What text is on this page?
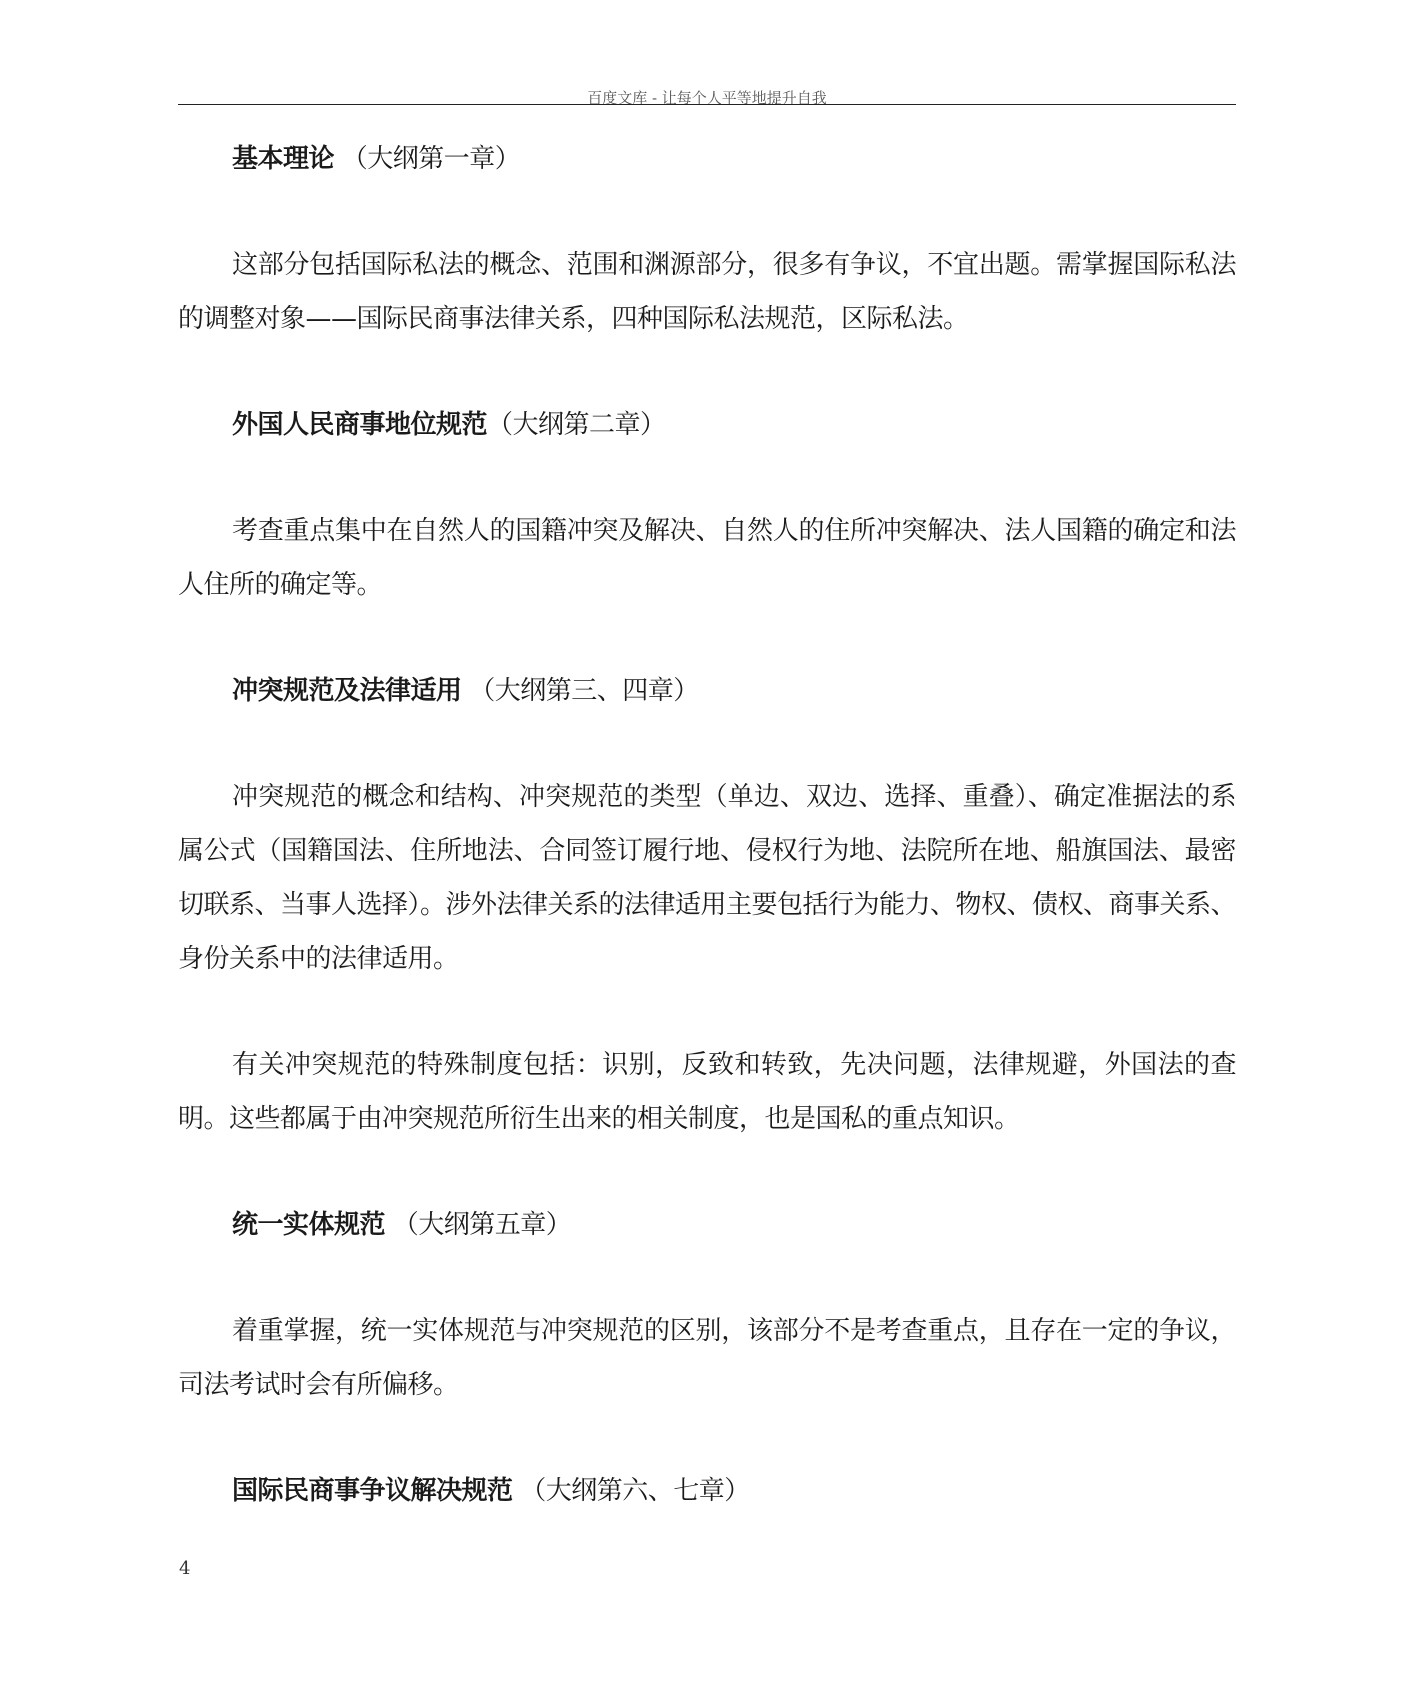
百度文库 - 让每个人平等地提升自我

基本理论 （大纲第一章）

这部分包括国际私法的概念、范围和渊源部分，很多有争议，不宜出题。需掌握国际私法的调整对象——国际民商事法律关系，四种国际私法规范，区际私法。

外国人民商事地位规范（大纲第二章）

考查重点集中在自然人的国籍冲突及解决、自然人的住所冲突解决、法人国籍的确定和法人住所的确定等。

冲突规范及法律适用 （大纲第三、四章）

冲突规范的概念和结构、冲突规范的类型（单边、双边、选择、重叠）、确定准据法的系属公式（国籍国法、住所地法、合同签订履行地、侵权行为地、法院所在地、船旗国法、最密切联系、当事人选择）。涉外法律关系的法律适用主要包括行为能力、物权、债权、商事关系、身份关系中的法律适用。

有关冲突规范的特殊制度包括：识别，反致和转致，先决问题，法律规避，外国法的查明。这些都属于由冲突规范所衍生出来的相关制度，也是国私的重点知识。

统一实体规范 （大纲第五章）

着重掌握，统一实体规范与冲突规范的区别，该部分不是考查重点，且存在一定的争议，司法考试时会有所偏移。

国际民商事争议解决规范 （大纲第六、七章）

4
